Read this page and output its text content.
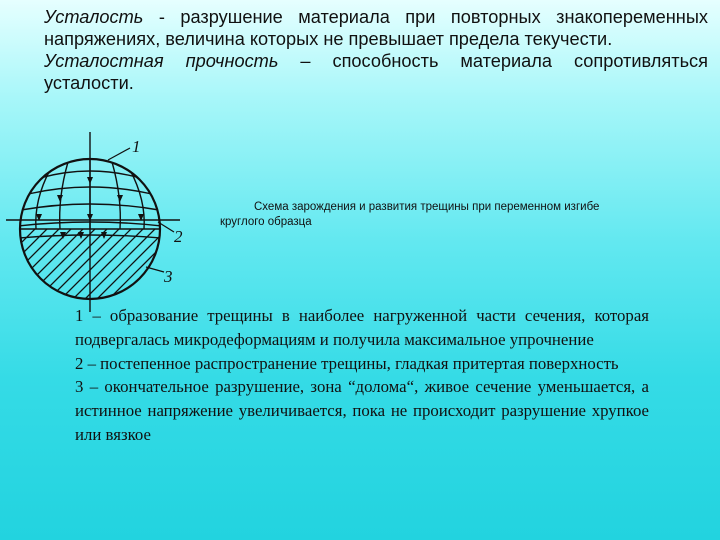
Усталость - разрушение материала при повторных знакопеременных напряжениях, величина которых не превышает предела текучести.

Усталостная прочность – способность материала сопротивляться усталости.

1
2
3
Схема зарождения и развития трещины при переменном изгибе
круглого образца

1 – образование трещины в наиболее нагруженной части сечения, которая подвергалась микродеформациям и получила максимальное упрочнение

2 – постепенное распространение трещины, гладкая притертая поверхность

3 – окончательное разрушение, зона “долома“, живое сечение уменьшается, а истинное напряжение увеличивается, пока не происходит разрушение хрупкое или вязкое
